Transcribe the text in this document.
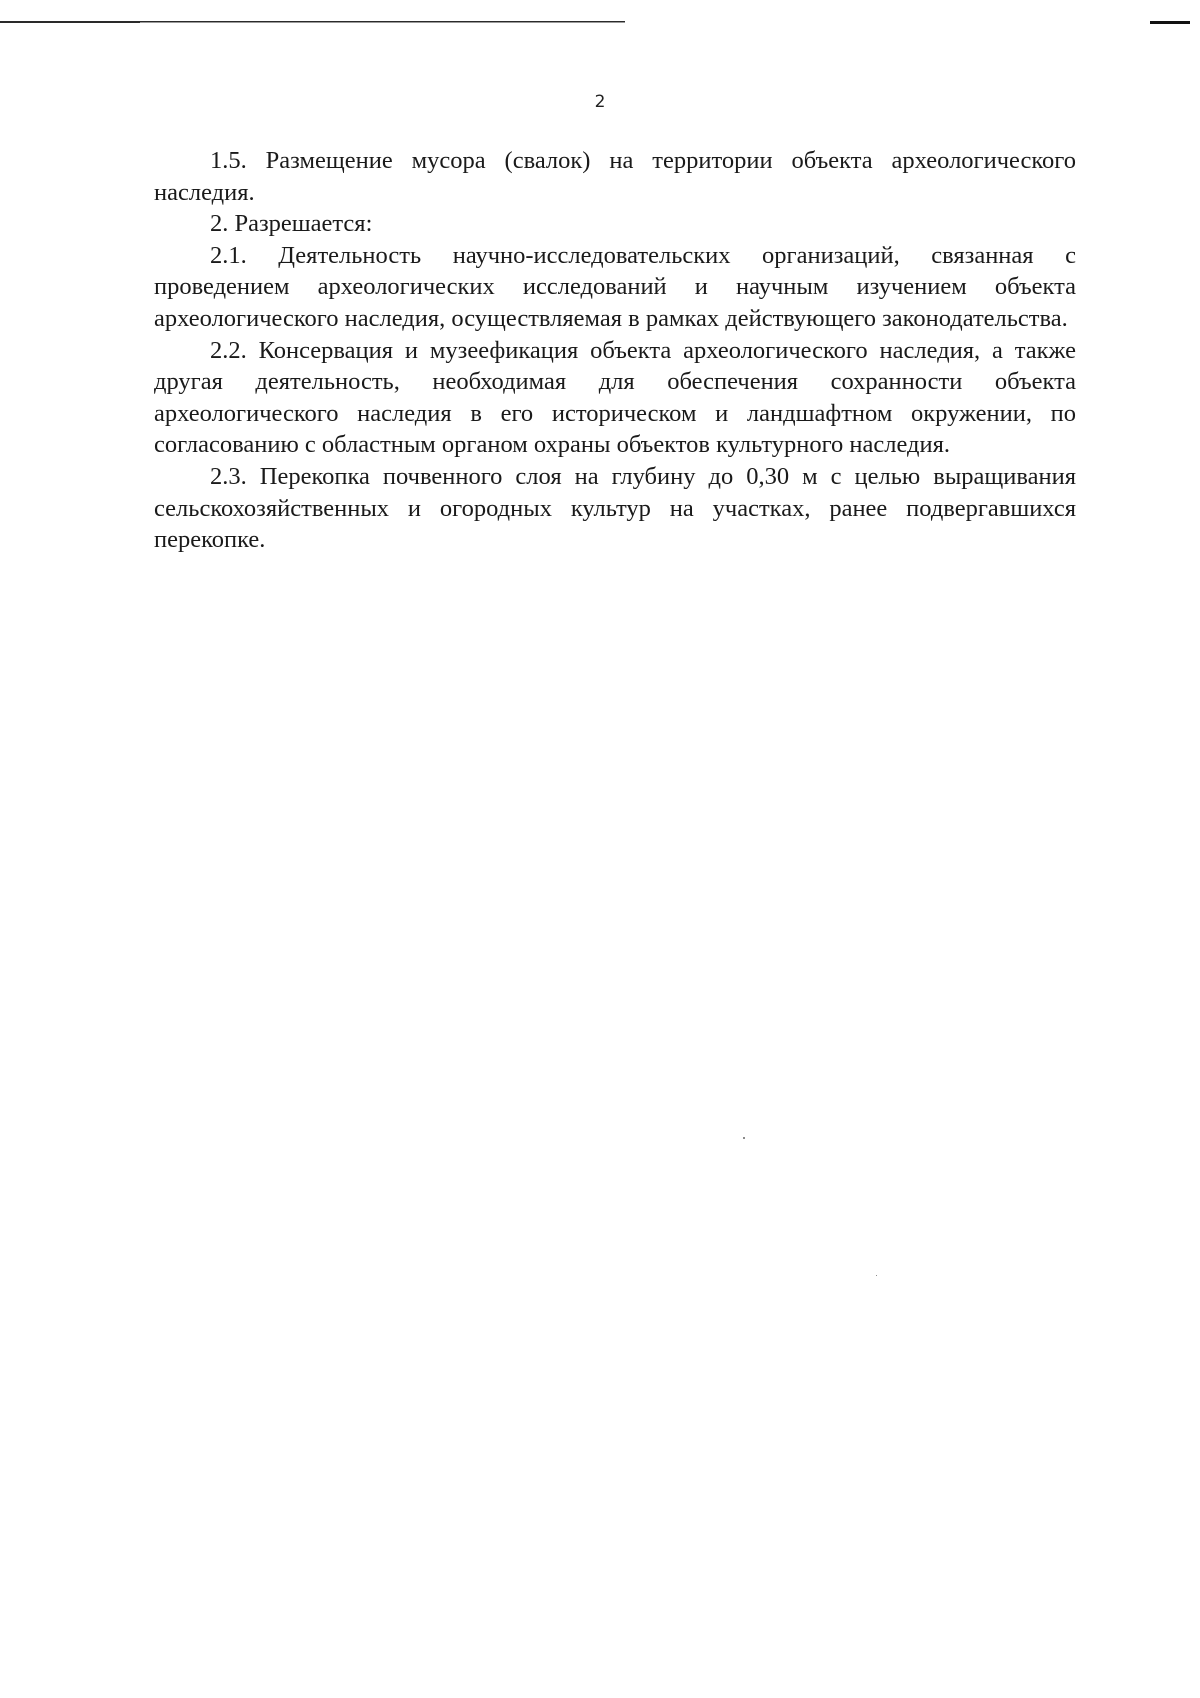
2

1.5. Размещение мусора (свалок) на территории объекта археологического наследия.

2. Разрешается:

2.1. Деятельность научно-исследовательских организаций, связанная с проведением археологических исследований и научным изучением объекта археологического наследия, осуществляемая в рамках действующего законодательства.

2.2. Консервация и музеефикация объекта археологического наследия, а также другая деятельность, необходимая для обеспечения сохранности объекта археологического наследия в его историческом и ландшафтном окружении, по согласованию с областным органом охраны объектов культурного наследия.

2.3. Перекопка почвенного слоя на глубину до 0,30 м с целью выращивания сельскохозяйственных и огородных культур на участках, ранее подвергавшихся перекопке.
